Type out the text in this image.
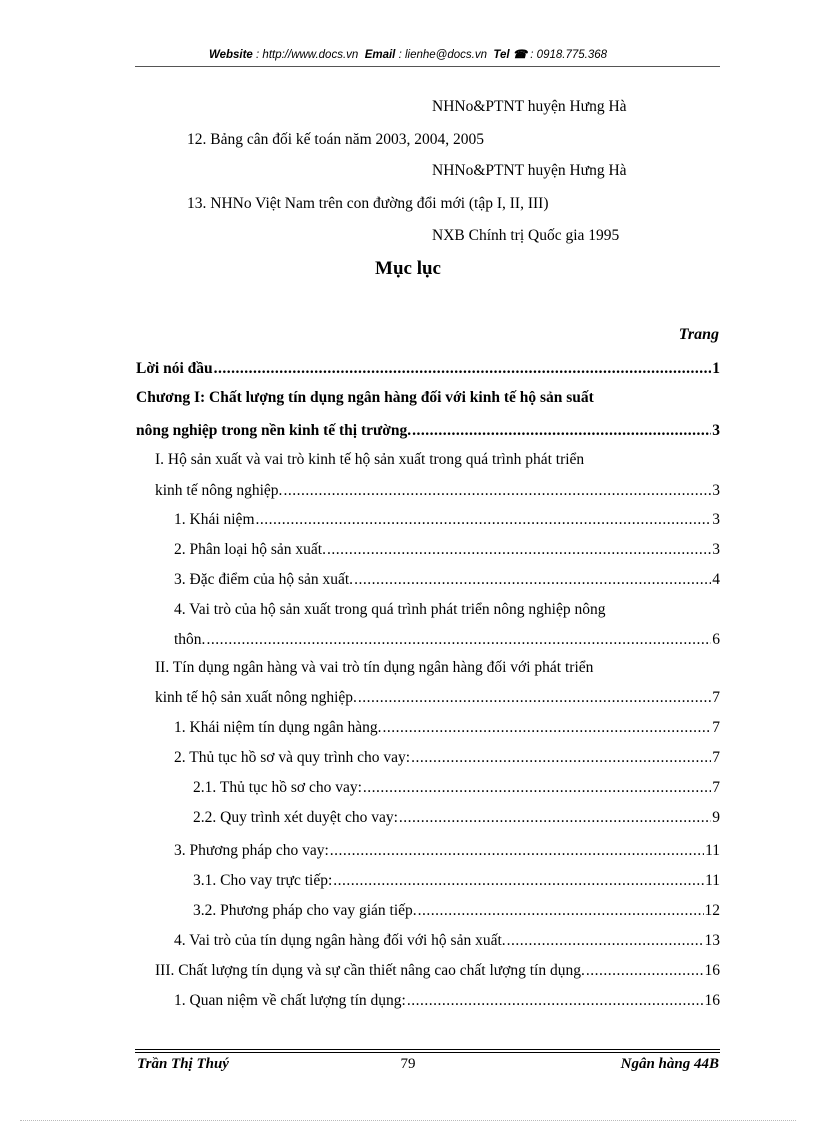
Website : http://www.docs.vn Email : lienhe@docs.vn Tel ☎ : 0918.775.368
NHNo&PTNT huyện Hưng Hà
12. Bảng cân đối kế toán năm 2003, 2004, 2005
NHNo&PTNT huyện Hưng Hà
13. NHNo Việt Nam trên con đường đổi mới (tập I, II, III)
NXB Chính trị Quốc gia 1995
Mục lục
Trang
Lời nói đầu .....	1
Chương I: Chất lượng tín dụng ngân hàng đối với kinh tế hộ sản suất
nông nghiệp trong nền kinh tế thị trường. .....	3
I. Hộ sản xuất và vai trò kinh tế hộ sản xuất trong quá trình phát triển
kinh tế nông nghiệp. .....	3
1. Khái niệm .....	3
2. Phân loại hộ sản xuất. .....	3
3. Đặc điểm của hộ sản xuất. .....	4
4. Vai trò của hộ sản xuất trong quá trình phát triển nông nghiệp nông
thôn. .....	6
II. Tín dụng ngân hàng và vai trò tín dụng ngân hàng đối với phát triển
kinh tế hộ sản xuất nông nghiệp. .....	7
1. Khái niệm tín dụng ngân hàng. .....	7
2. Thủ tục hồ sơ và quy trình cho vay: .....	7
2.1. Thủ tục hồ sơ cho vay: .....	7
2.2. Quy trình xét duyệt cho vay: .....	9
3. Phương pháp cho vay: .....	11
3.1. Cho vay trực tiếp: .....	11
3.2. Phương pháp cho vay gián tiếp. .....	12
4. Vai trò của tín dụng ngân hàng đối với hộ sản xuất. .....	13
III. Chất lượng tín dụng và sự cần thiết nâng cao chất lượng tín dụng. .....	16
1. Quan niệm về chất lượng tín dụng: .....	16
79
Trần Thị Thuý	Ngân hàng 44B
